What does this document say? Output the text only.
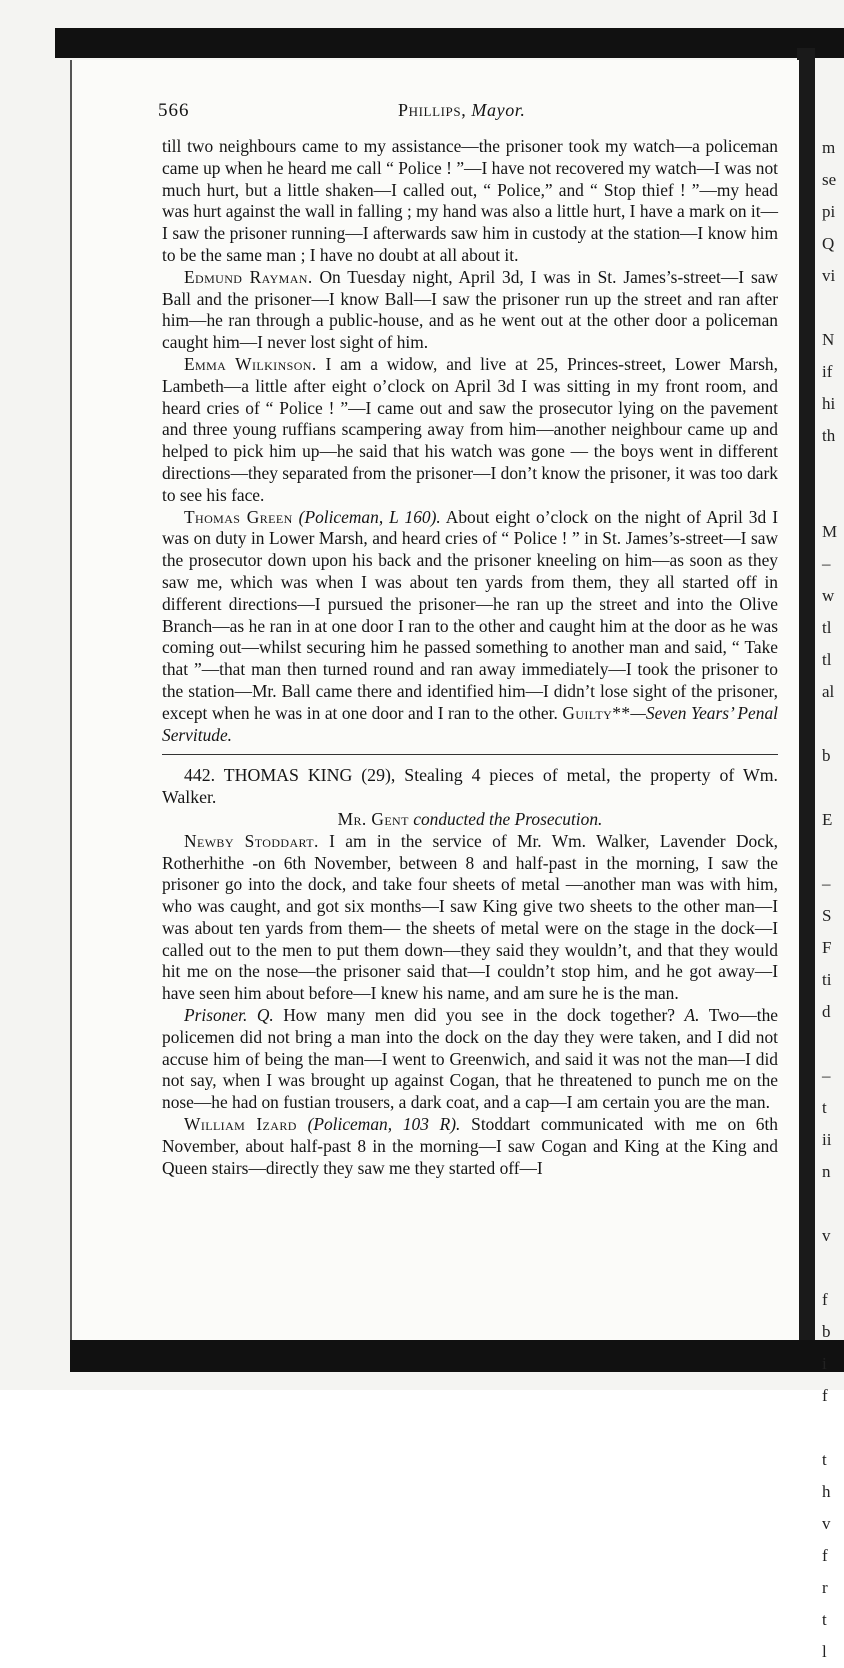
m
se
pi
Q
vi

N
if
hi
th

M
–
w
tl
tl
al

b

E

–
S
F
ti
d

–
t
ii
n

v

f
b
i
f

t
h
v
f
r
t
l
566	Phillips, Mayor.

till two neighbours came to my assistance—the prisoner took my watch—a policeman came up when he heard me call “ Police ! ”—I have not recovered my watch—I was not much hurt, but a little shaken—I called out, “ Police,” and “ Stop thief ! ”—my head was hurt against the wall in falling ; my hand was also a little hurt, I have a mark on it—I saw the prisoner running—I afterwards saw him in custody at the station—I know him to be the same man ; I have no doubt at all about it.

Edmund Rayman. On Tuesday night, April 3d, I was in St. James’s-street—I saw Ball and the prisoner—I know Ball—I saw the prisoner run up the street and ran after him—he ran through a public-house, and as he went out at the other door a policeman caught him—I never lost sight of him.

Emma Wilkinson. I am a widow, and live at 25, Princes-street, Lower Marsh, Lambeth—a little after eight o’clock on April 3d I was sitting in my front room, and heard cries of “ Police ! ”—I came out and saw the prosecutor lying on the pavement and three young ruffians scampering away from him—another neighbour came up and helped to pick him up—he said that his watch was gone — the boys went in different directions—they separated from the prisoner—I don’t know the prisoner, it was too dark to see his face.

Thomas Green (Policeman, L 160). About eight o’clock on the night of April 3d I was on duty in Lower Marsh, and heard cries of “ Police ! ” in St. James’s-street—I saw the prosecutor down upon his back and the prisoner kneeling on him—as soon as they saw me, which was when I was about ten yards from them, they all started off in different directions—I pursued the prisoner—he ran up the street and into the Olive Branch—as he ran in at one door I ran to the other and caught him at the door as he was coming out—whilst securing him he passed something to another man and said, “ Take that ”—that man then turned round and ran away immediately—I took the prisoner to the station—Mr. Ball came there and identified him—I didn’t lose sight of the prisoner, except when he was in at one door and I ran to the other. Guilty**—Seven Years’ Penal Servitude.

442. THOMAS KING (29), Stealing 4 pieces of metal, the property of Wm. Walker.

Mr. Gent conducted the Prosecution.

Newby Stoddart. I am in the service of Mr. Wm. Walker, Lavender Dock, Rotherhithe -on 6th November, between 8 and half-past in the morning, I saw the prisoner go into the dock, and take four sheets of metal —another man was with him, who was caught, and got six months—I saw King give two sheets to the other man—I was about ten yards from them— the sheets of metal were on the stage in the dock—I called out to the men to put them down—they said they wouldn’t, and that they would hit me on the nose—the prisoner said that—I couldn’t stop him, and he got away—I have seen him about before—I knew his name, and am sure he is the man.

Prisoner. Q. How many men did you see in the dock together? A. Two—the policemen did not bring a man into the dock on the day they were taken, and I did not accuse him of being the man—I went to Greenwich, and said it was not the man—I did not say, when I was brought up against Cogan, that he threatened to punch me on the nose—he had on fustian trousers, a dark coat, and a cap—I am certain you are the man.

William Izard (Policeman, 103 R). Stoddart communicated with me on 6th November, about half-past 8 in the morning—I saw Cogan and King at the King and Queen stairs—directly they saw me they started off—I
